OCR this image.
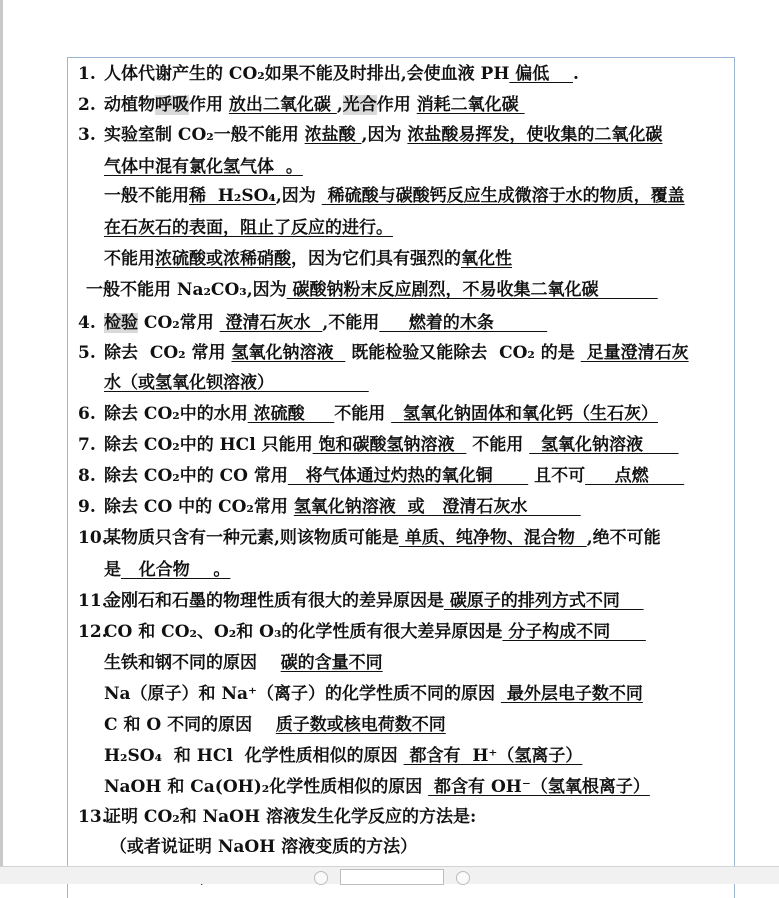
1. 人体代谢产生的 CO₂如果不能及时排出,会使血液 PH 偏低    .
2. 动植物呼吸作用 放出二氧化碳 ,光合作用 消耗二氧化碳
3. 实验室制 CO₂一般不能用 浓盐酸 ,因为 浓盐酸易挥发，使收集的二氧化碳
气体中混有氯化氢气体  。
一般不能用稀  H₂SO₄,因为  稀硫酸与碳酸钙反应生成微溶于水的物质，覆盖
在石灰石的表面，阻止了反应的进行。
不能用浓硫酸或浓稀硝酸，因为它们具有强烈的氧化性
一般不能用 Na₂CO₃,因为 碳酸钠粉末反应剧烈，不易收集二氧化碳
4. 检验 CO₂常用  澄清石灰水  ,不能用     燃着的木条
5. 除去  CO₂ 常用 氢氧化钠溶液   既能检验又能除去  CO₂ 的是  足量澄清石灰
水（或氢氧化钡溶液）
6. 除去 CO₂中的水用 浓硫酸     不能用   氢氧化钠固体和氧化钙（生石灰）
7. 除去 CO₂中的 HCl 只能用 饱和碳酸氢钠溶液   不能用   氢氧化钠溶液
8. 除去 CO₂中的 CO 常用   将气体通过灼热的氧化铜       且不可     点燃
9. 除去 CO 中的 CO₂常用 氢氧化钠溶液  或   澄清石灰水
10.某物质只含有一种元素,则该物质可能是 单质、纯净物、混合物  ,绝不可能
是   化合物    。
11.金刚石和石墨的物理性质有很大的差异原因是 碳原子的排列方式不同
12.CO 和 CO₂、O₂和 O₃的化学性质有很大差异原因是 分子构成不同
生铁和钢不同的原因    碳的含量不同
Na（原子）和 Na⁺（离子）的化学性质不同的原因  最外层电子数不同
C 和 O 不同的原因    质子数或核电荷数不同
H₂SO₄  和 HCl  化学性质相似的原因  都含有  H⁺（氢离子）
NaOH 和 Ca(OH)₂化学性质相似的原因  都含有 OH⁻（氢氧根离子）
13.证明 CO₂和 NaOH 溶液发生化学反应的方法是:
（或者说证明 NaOH 溶液变质的方法）
